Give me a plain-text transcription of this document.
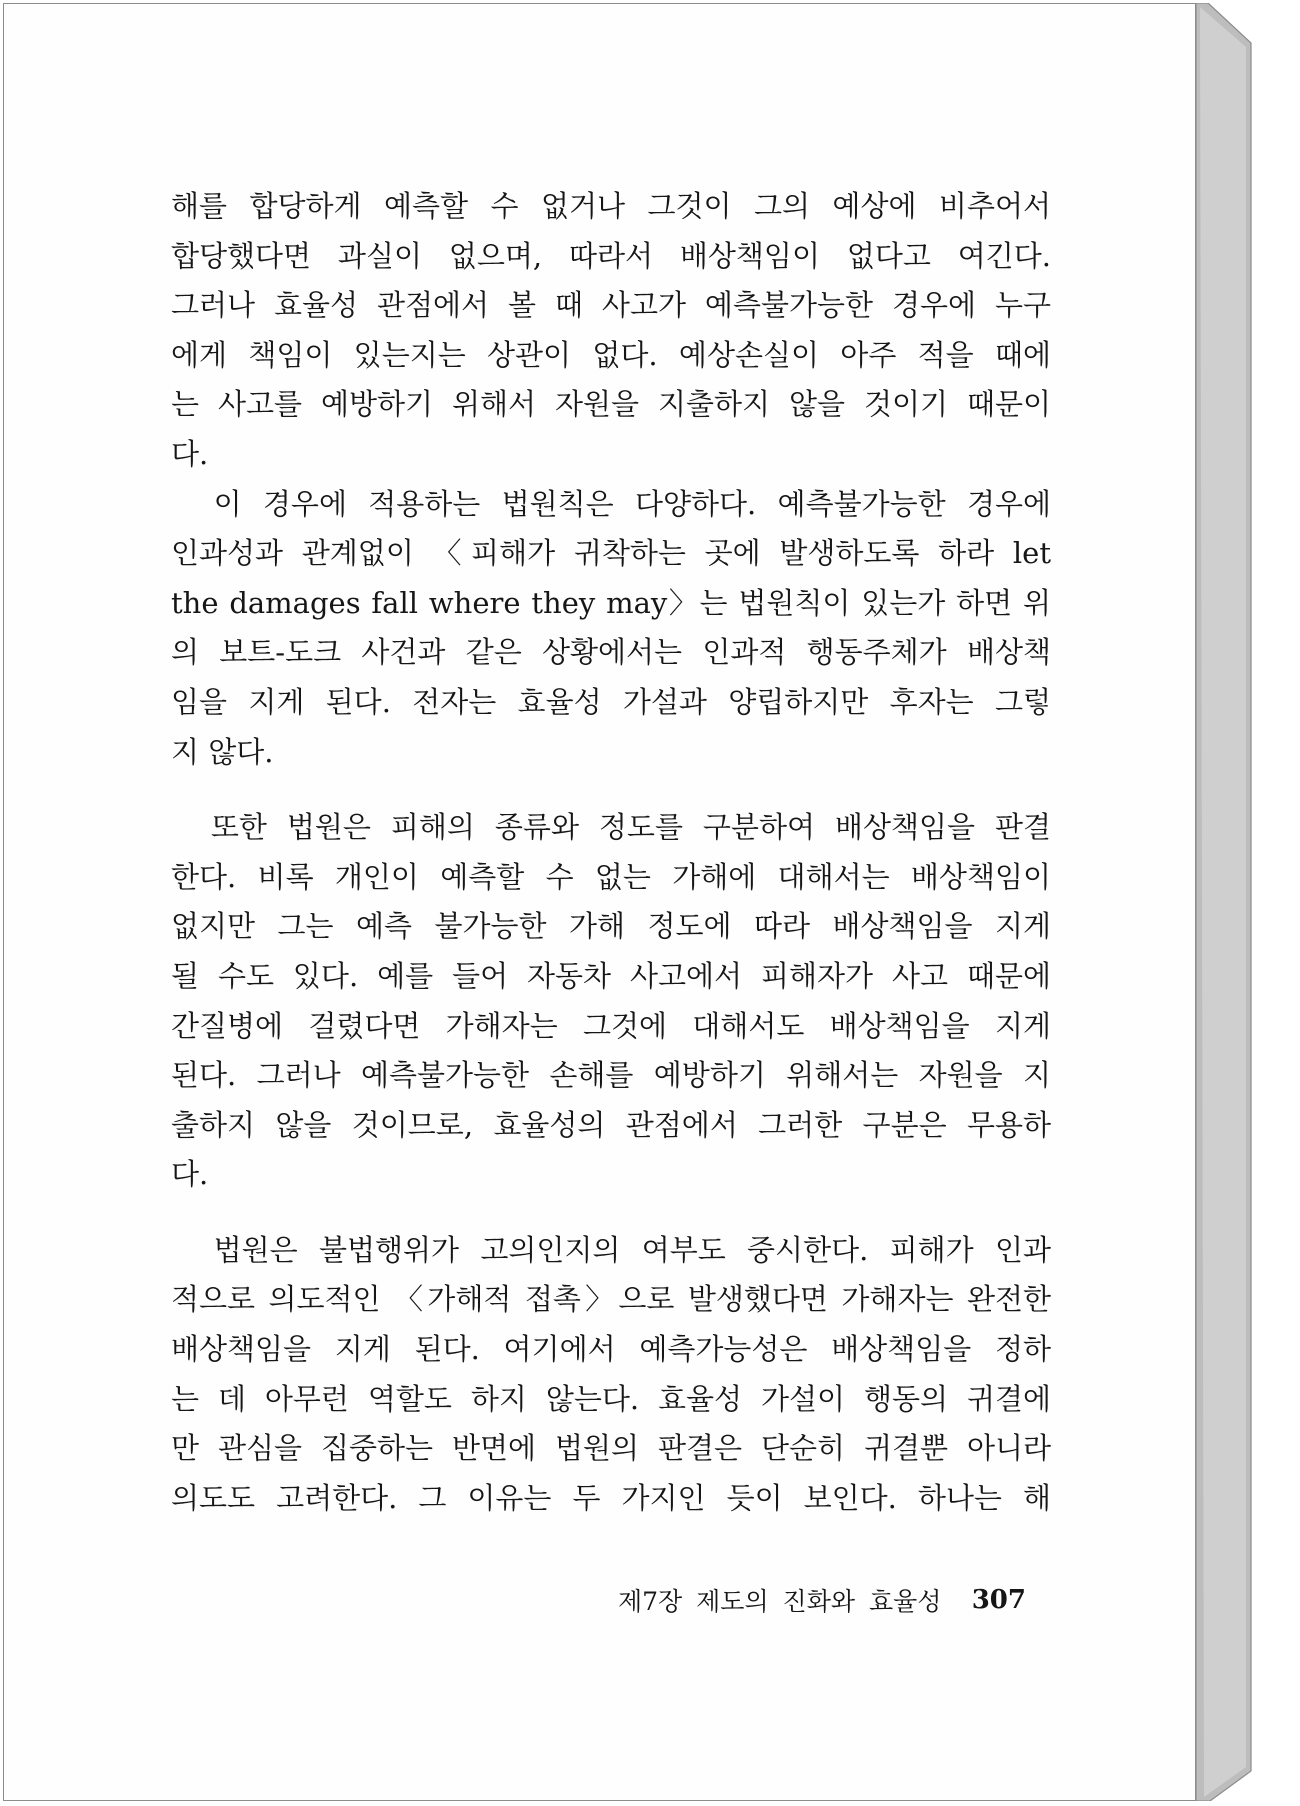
해를 합당하게 예측할 수 없거나 그것이 그의 예상에 비추어서
합당했다면 과실이 없으며, 따라서 배상책임이 없다고 여긴다.
그러나 효율성 관점에서 볼 때 사고가 예측불가능한 경우에 누구
에게 책임이 있는지는 상관이 없다. 예상손실이 아주 적을 때에
는 사고를 예방하기 위해서 자원을 지출하지 않을 것이기 때문이
다.
이 경우에 적용하는 법원칙은 다양하다. 예측불가능한 경우에
인과성과 관계없이 〈피해가 귀착하는 곳에 발생하도록 하라 let
the damages fall where they may〉는 법원칙이 있는가 하면 위
의 보트-도크 사건과 같은 상황에서는 인과적 행동주체가 배상책
임을 지게 된다. 전자는 효율성 가설과 양립하지만 후자는 그렇
지 않다.
또한 법원은 피해의 종류와 정도를 구분하여 배상책임을 판결
한다. 비록 개인이 예측할 수 없는 가해에 대해서는 배상책임이
없지만 그는 예측 불가능한 가해 정도에 따라 배상책임을 지게
될 수도 있다. 예를 들어 자동차 사고에서 피해자가 사고 때문에
간질병에 걸렸다면 가해자는 그것에 대해서도 배상책임을 지게
된다. 그러나 예측불가능한 손해를 예방하기 위해서는 자원을 지
출하지 않을 것이므로, 효율성의 관점에서 그러한 구분은 무용하
다.
법원은 불법행위가 고의인지의 여부도 중시한다. 피해가 인과
적으로 의도적인 〈가해적 접촉〉으로 발생했다면 가해자는 완전한
배상책임을 지게 된다. 여기에서 예측가능성은 배상책임을 정하
는 데 아무런 역할도 하지 않는다. 효율성 가설이 행동의 귀결에
만 관심을 집중하는 반면에 법원의 판결은 단순히 귀결뿐 아니라
의도도 고려한다. 그 이유는 두 가지인 듯이 보인다. 하나는 해
제7장 제도의 진화와 효율성 307
